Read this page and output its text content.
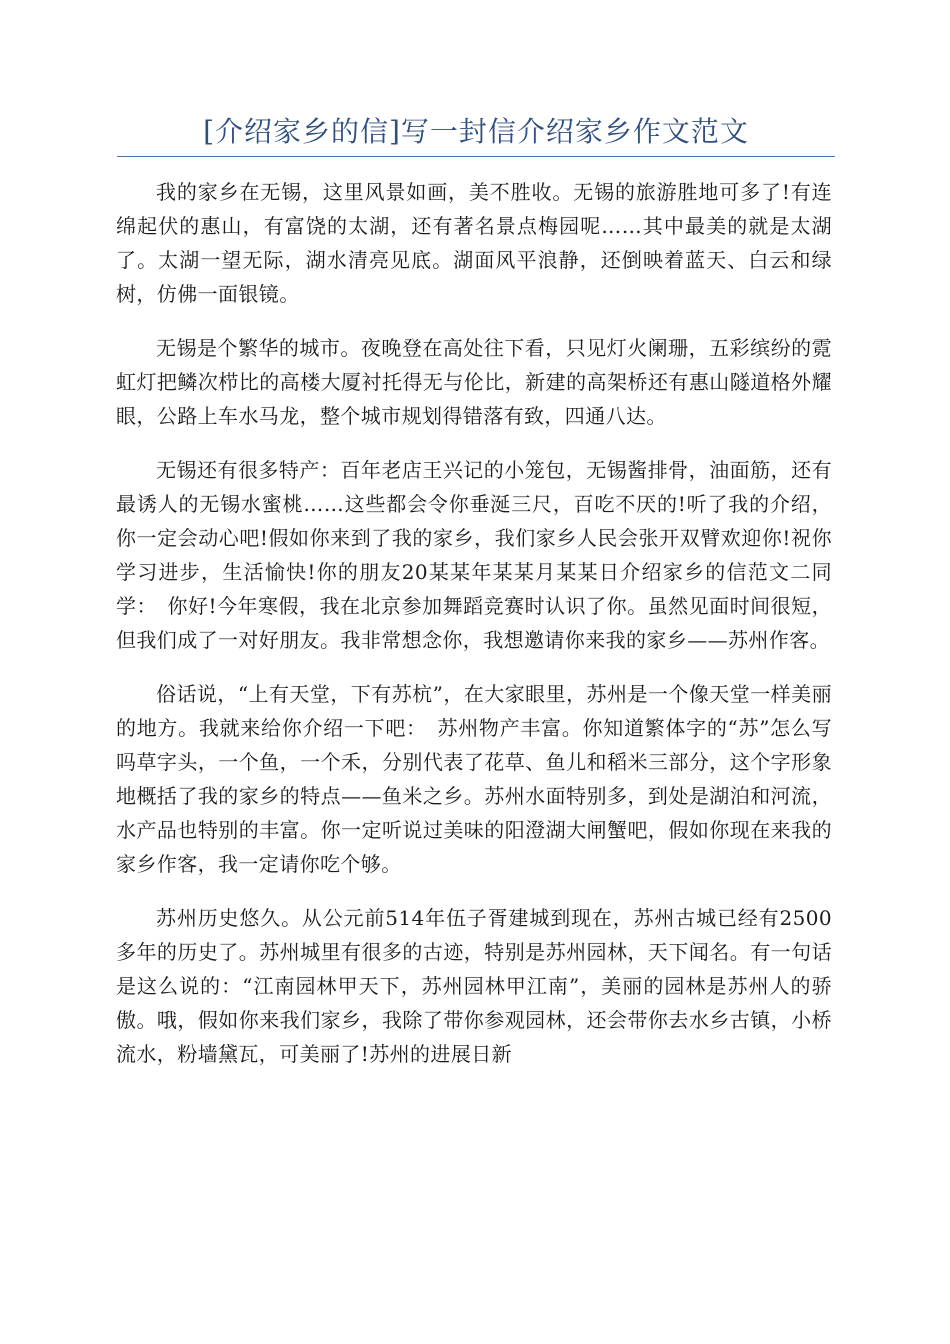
[介绍家乡的信]写一封信介绍家乡作文范文

我的家乡在无锡，这里风景如画，美不胜收。无锡的旅游胜地可多了!有连绵起伏的惠山，有富饶的太湖，还有著名景点梅园呢……其中最美的就是太湖了。太湖一望无际，湖水清亮见底。湖面风平浪静，还倒映着蓝天、白云和绿树，仿佛一面银镜。

无锡是个繁华的城市。夜晚登在高处往下看，只见灯火阑珊，五彩缤纷的霓虹灯把鳞次栉比的高楼大厦衬托得无与伦比，新建的高架桥还有惠山隧道格外耀眼，公路上车水马龙，整个城市规划得错落有致，四通八达。

无锡还有很多特产：百年老店王兴记的小笼包，无锡酱排骨，油面筋，还有最诱人的无锡水蜜桃……这些都会令你垂涎三尺，百吃不厌的!听了我的介绍，你一定会动心吧!假如你来到了我的家乡，我们家乡人民会张开双臂欢迎你!祝你学习进步，生活愉快!你的朋友20某某年某某月某某日介绍家乡的信范文二同学：　你好!今年寒假，我在北京参加舞蹈竞赛时认识了你。虽然见面时间很短，但我们成了一对好朋友。我非常想念你，我想邀请你来我的家乡——苏州作客。

俗话说，“上有天堂，下有苏杭”，在大家眼里，苏州是一个像天堂一样美丽的地方。我就来给你介绍一下吧：　苏州物产丰富。你知道繁体字的“苏”怎么写吗草字头，一个鱼，一个禾，分别代表了花草、鱼儿和稻米三部分，这个字形象地概括了我的家乡的特点——鱼米之乡。苏州水面特别多，到处是湖泊和河流，水产品也特别的丰富。你一定听说过美味的阳澄湖大闸蟹吧，假如你现在来我的家乡作客，我一定请你吃个够。

苏州历史悠久。从公元前514年伍子胥建城到现在，苏州古城已经有2500多年的历史了。苏州城里有很多的古迹，特别是苏州园林，天下闻名。有一句话是这么说的：“江南园林甲天下，苏州园林甲江南”，美丽的园林是苏州人的骄傲。哦，假如你来我们家乡，我除了带你参观园林，还会带你去水乡古镇，小桥流水，粉墙黛瓦，可美丽了!苏州的进展日新
